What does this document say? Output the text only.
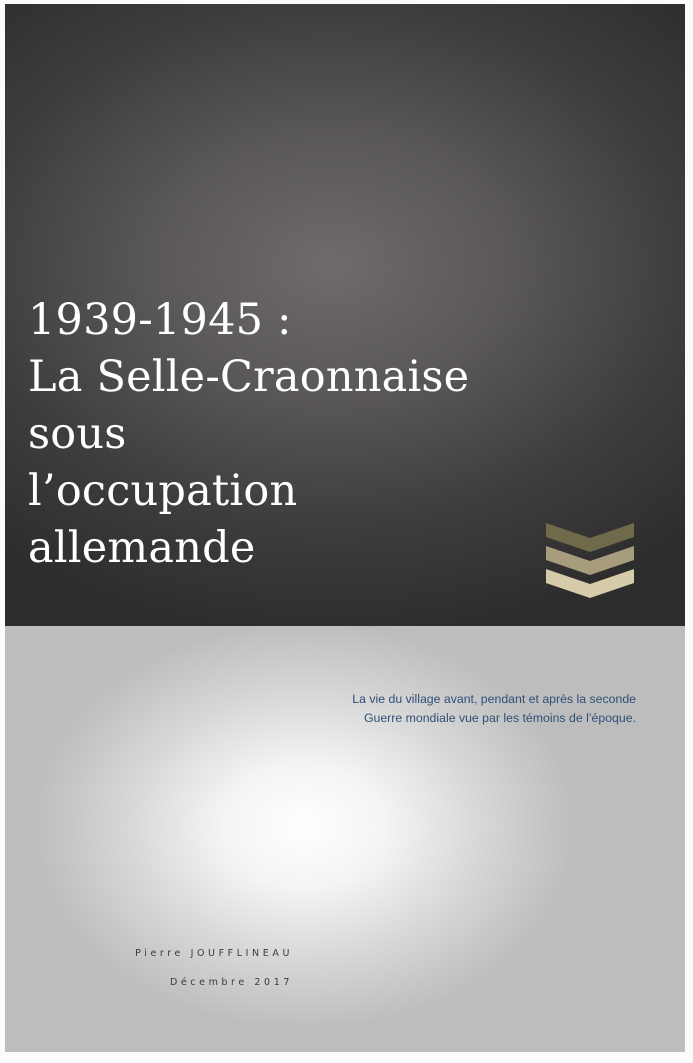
1939-1945 :
La Selle-Craonnaise
sous
l’occupation
allemande

La vie du village avant, pendant et après la seconde
Guerre mondiale vue par les témoins de l’époque.

Pierre JOUFFLINEAU
Décembre 2017
